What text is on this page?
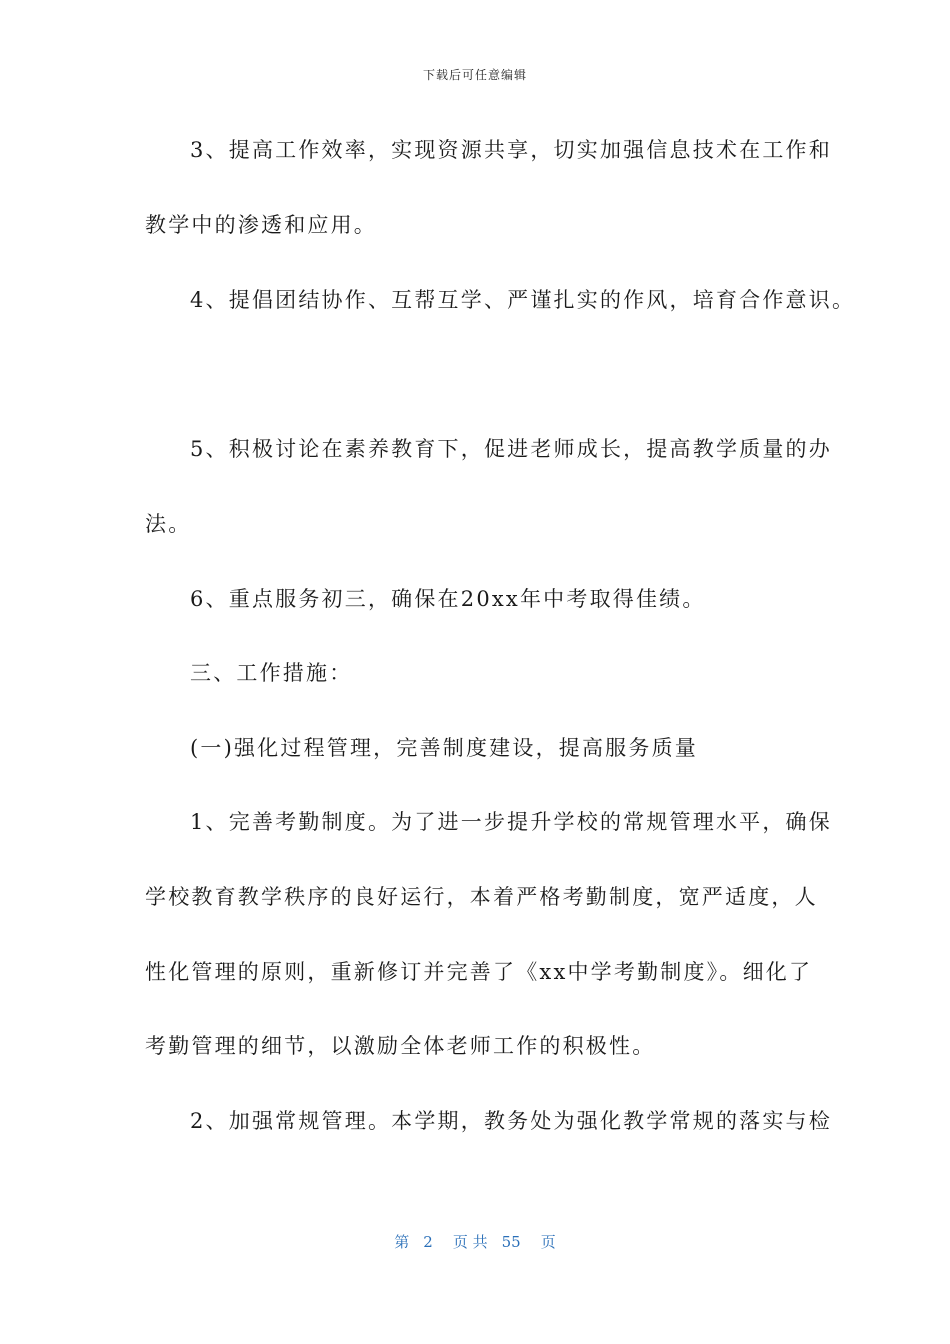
下载后可任意编辑
3、提高工作效率，实现资源共享，切实加强信息技术在工作和
教学中的渗透和应用。
4、提倡团结协作、互帮互学、严谨扎实的作风，培育合作意识。
5、积极讨论在素养教育下，促进老师成长，提高教学质量的办
法。
6、重点服务初三，确保在20xx年中考取得佳绩。
三、工作措施：
(一)强化过程管理，完善制度建设，提高服务质量
1、完善考勤制度。为了进一步提升学校的常规管理水平，确保
学校教育教学秩序的良好运行，本着严格考勤制度，宽严适度，人
性化管理的原则，重新修订并完善了《xx中学考勤制度》。细化了
考勤管理的细节，以激励全体老师工作的积极性。
2、加强常规管理。本学期，教务处为强化教学常规的落实与检
第 2 页 共 55 页
